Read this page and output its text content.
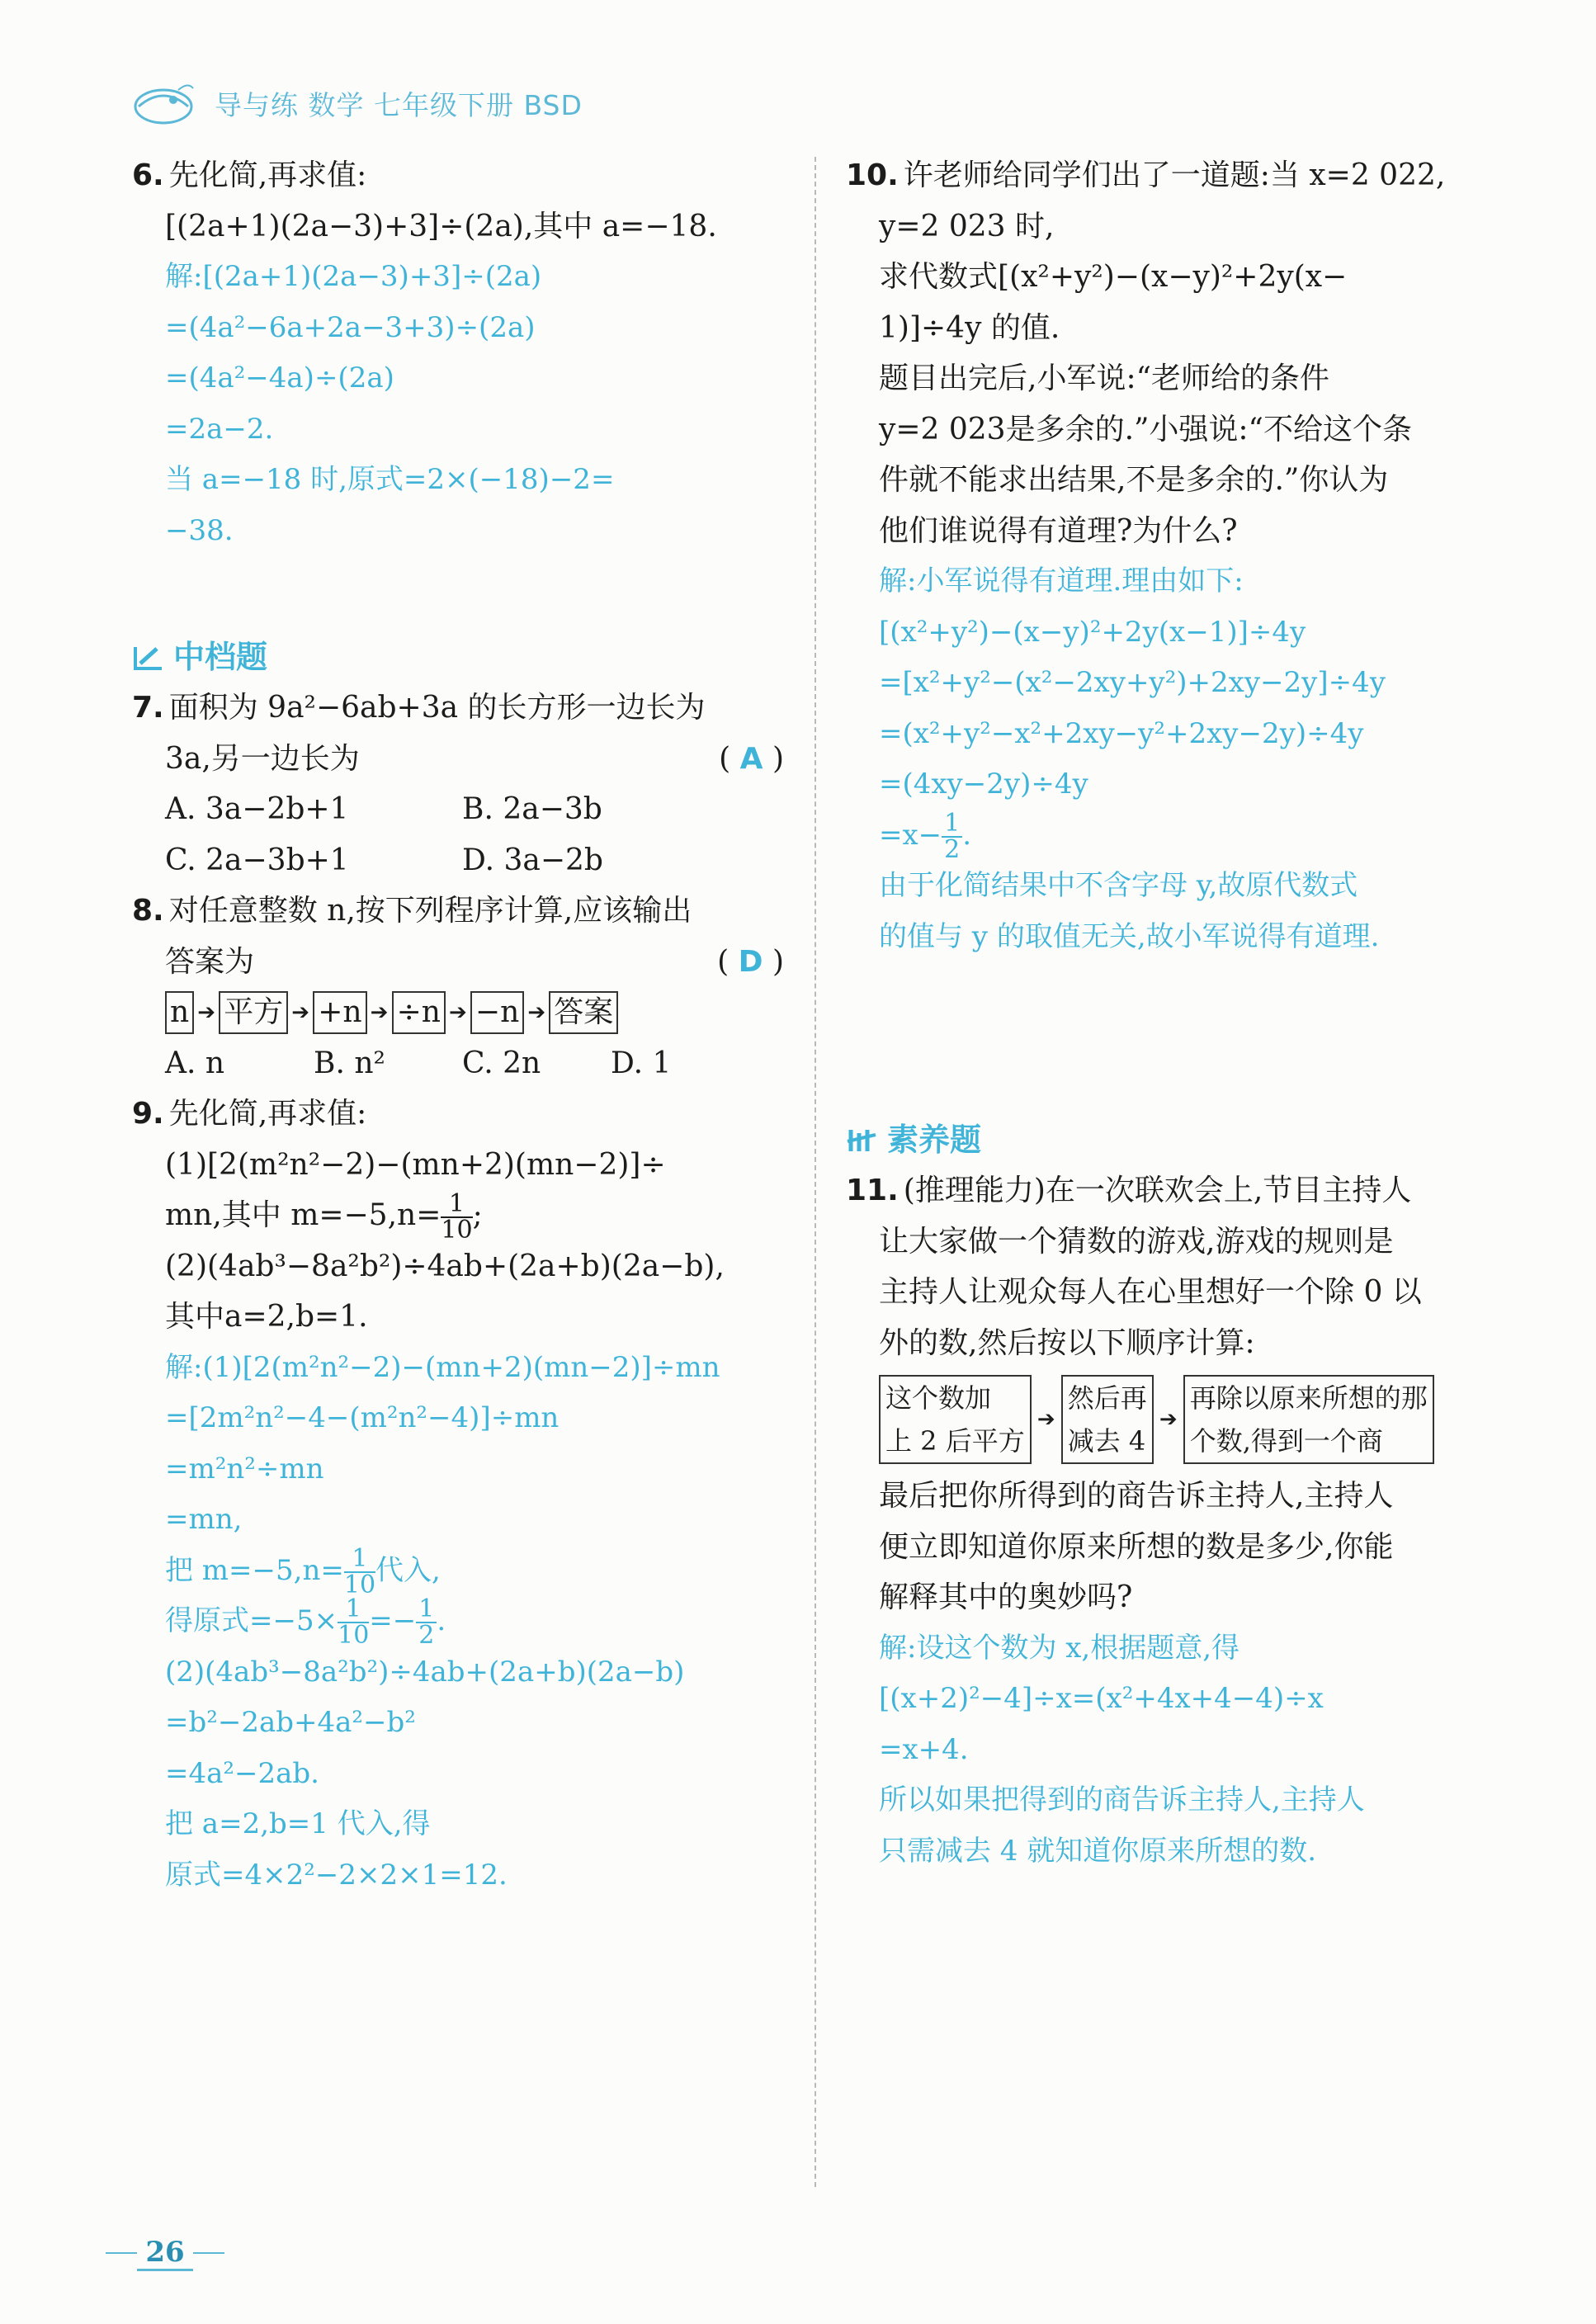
导与练 数学 七年级下册 BSD
6. 先化简,再求值:
[(2a+1)(2a−3)+3]÷(2a),其中 a=−18.
解:[(2a+1)(2a−3)+3]÷(2a)
=(4a²−6a+2a−3+3)÷(2a)
=(4a²−4a)÷(2a)
=2a−2.
当 a=−18 时,原式=2×(−18)−2=
−38.
中档题
7. 面积为 9a²−6ab+3a 的长方形一边长为
3a,另一边长为	( A )
A. 3a−2b+1	B. 2a−3b
C. 2a−3b+1	D. 3a−2b
8. 对任意整数 n,按下列程序计算,应该输出
答案为	( D )
n ➔ 平方 ➔ +n ➔ ÷n ➔ −n ➔ 答案
A. n	B. n²	C. 2n	D. 1
9. 先化简,再求值:
(1)[2(m²n²−2)−(mn+2)(mn−2)]÷
mn,其中 $m=-5,n= \frac{1}{10}$ ;
(2)(4ab³−8a²b²)÷4ab+(2a+b)(2a−b),
其中a=2,b=1.
解:(1)[2(m²n²−2)−(mn+2)(mn−2)]÷mn
=[2m²n²−4−(m²n²−4)]÷mn
=m²n²÷mn
=mn,
把 $m=-5,n= \frac{1}{10}$ 代入,
得原式$=-5\times \frac{1}{10} =- \frac{1}{2}$ .
(2)(4ab³−8a²b²)÷4ab+(2a+b)(2a−b)
=b²−2ab+4a²−b²
=4a²−2ab.
把 a=2,b=1 代入,得
原式=4×2²−2×2×1=12.
10. 许老师给同学们出了一道题:当 x=2 022,
y=2 023 时,
求代数式[(x²+y²)−(x−y)²+2y(x−
1)]÷4y 的值.
题目出完后,小军说:“老师给的条件
y=2 023是多余的.”小强说:“不给这个条
件就不能求出结果,不是多余的.”你认为
他们谁说得有道理?为什么?
解:小军说得有道理.理由如下:
[(x²+y²)−(x−y)²+2y(x−1)]÷4y
=[x²+y²−(x²−2xy+y²)+2xy−2y]÷4y
=(x²+y²−x²+2xy−y²+2xy−2y)÷4y
=(4xy−2y)÷4y
$=x- \frac{1}{2}$ .
由于化简结果中不含字母 y,故原代数式
的值与 y 的取值无关,故小军说得有道理.
素养题
11. (推理能力)在一次联欢会上,节目主持人
让大家做一个猜数的游戏,游戏的规则是
主持人让观众每人在心里想好一个除 0 以
外的数,然后按以下顺序计算:
这个数加
上 2 后平方
➔
然后再
减去 4
➔
再除以原来所想的那
个数,得到一个商
最后把你所得到的商告诉主持人,主持人
便立即知道你原来所想的数是多少,你能
解释其中的奥妙吗?
解:设这个数为 x,根据题意,得
[(x+2)²−4]÷x=(x²+4x+4−4)÷x
=x+4.
所以如果把得到的商告诉主持人,主持人
只需减去 4 就知道你原来所想的数.
26
